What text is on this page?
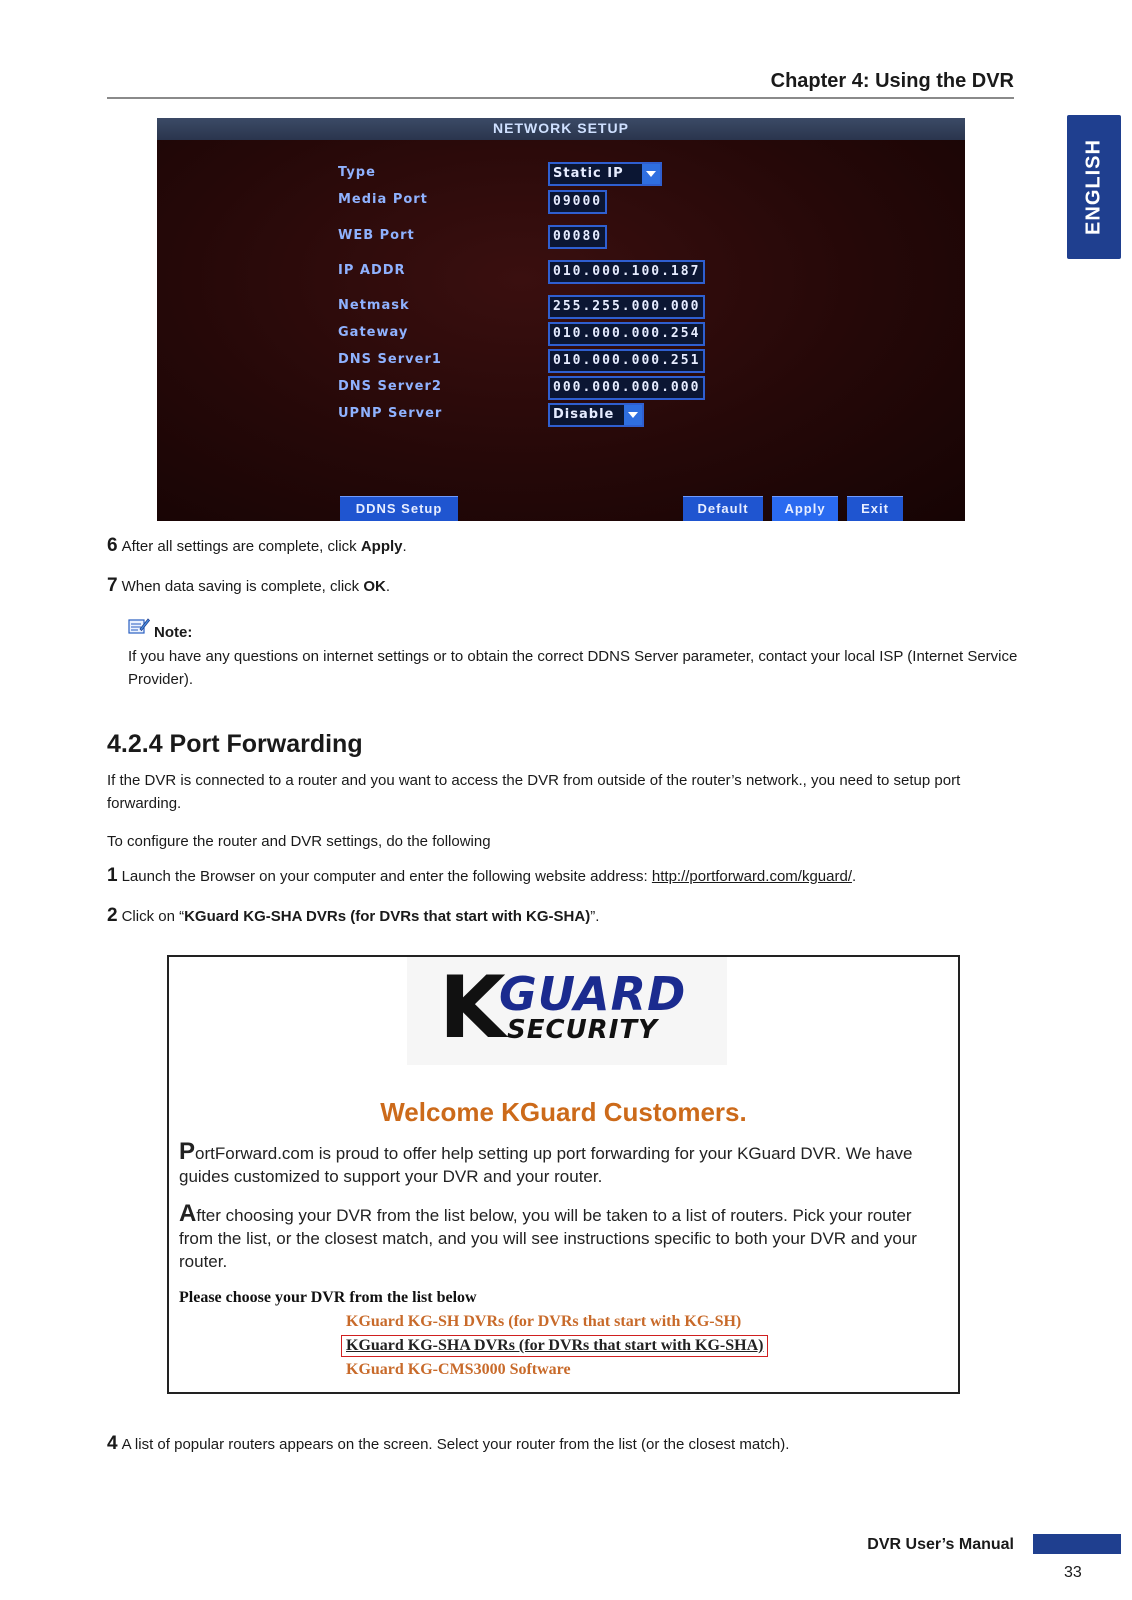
Chapter 4: Using the DVR
ENGLISH
NETWORK SETUP
Type	Static IP
Media Port	09000
WEB Port	00080
IP ADDR	010.000.100.187
Netmask	255.255.000.000
Gateway	010.000.000.254
DNS Server1	010.000.000.251
DNS Server2	000.000.000.000
UPNP Server	Disable
DDNS Setup	Default	Apply	Exit
6 After all settings are complete, click Apply.
7 When data saving is complete, click OK.
Note:
If you have any questions on internet settings or to obtain the correct DDNS Server parameter, contact your local ISP (Internet Service Provider).
4.2.4 Port Forwarding
If the DVR is connected to a router and you want to access the DVR from outside of the router’s network., you need to setup port forwarding.
To configure the router and DVR settings, do the following
1 Launch the Browser on your computer and enter the following website address: http://portforward.com/kguard/.
2 Click on “KGuard KG-SHA DVRs (for DVRs that start with KG-SHA)”.
K
GUARD
SECURITY
Welcome KGuard Customers.
PortForward.com is proud to offer help setting up port forwarding for your KGuard DVR. We have guides customized to support your DVR and your router.
After choosing your DVR from the list below, you will be taken to a list of routers. Pick your router from the list, or the closest match, and you will see instructions specific to both your DVR and your router.
Please choose your DVR from the list below
KGuard KG-SH DVRs (for DVRs that start with KG-SH)
KGuard KG-SHA DVRs (for DVRs that start with KG-SHA)
KGuard KG-CMS3000 Software
4 A list of popular routers appears on the screen. Select your router from the list (or the closest match).
DVR User’s Manual
33
